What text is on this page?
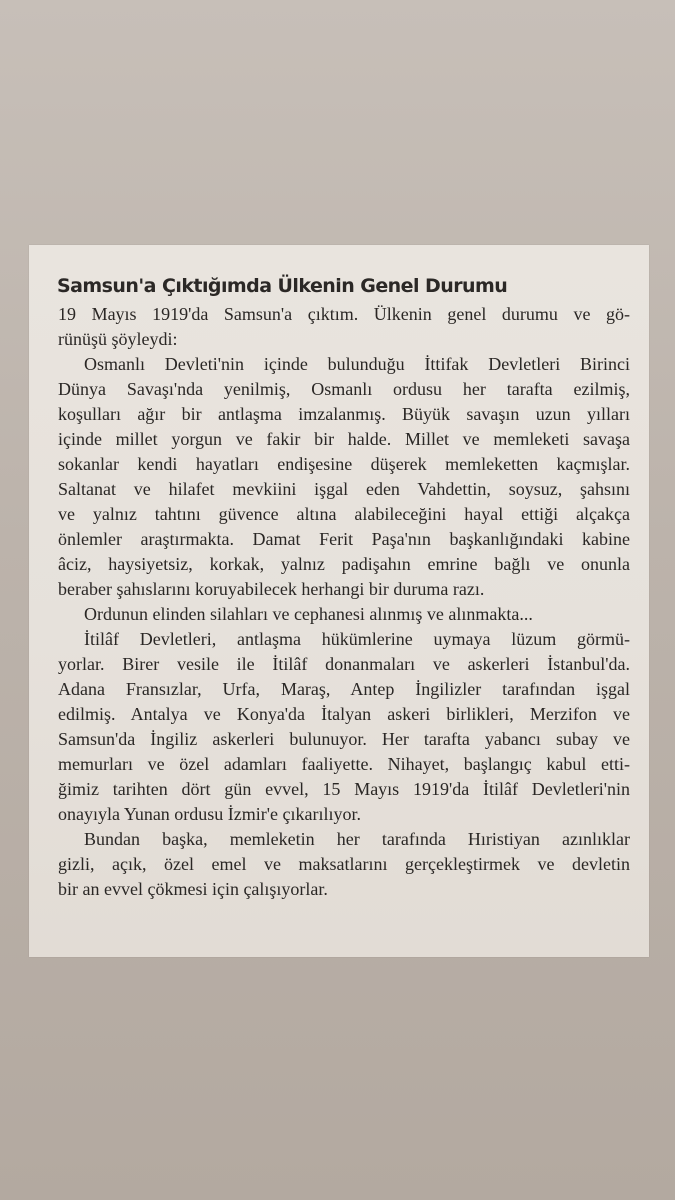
Samsun'a Çıktığımda Ülkenin Genel Durumu
19 Mayıs 1919'da Samsun'a çıktım. Ülkenin genel durumu ve gö-
rünüşü şöyleydi:
Osmanlı Devleti'nin içinde bulunduğu İttifak Devletleri Birinci
Dünya Savaşı'nda yenilmiş, Osmanlı ordusu her tarafta ezilmiş,
koşulları ağır bir antlaşma imzalanmış. Büyük savaşın uzun yılları
içinde millet yorgun ve fakir bir halde. Millet ve memleketi savaşa
sokanlar kendi hayatları endişesine düşerek memleketten kaçmışlar.
Saltanat ve hilafet mevkiini işgal eden Vahdettin, soysuz, şahsını
ve yalnız tahtını güvence altına alabileceğini hayal ettiği alçakça
önlemler araştırmakta. Damat Ferit Paşa'nın başkanlığındaki kabine
âciz, haysiyetsiz, korkak, yalnız padişahın emrine bağlı ve onunla
beraber şahıslarını koruyabilecek herhangi bir duruma razı.
Ordunun elinden silahları ve cephanesi alınmış ve alınmakta...
İtilâf Devletleri, antlaşma hükümlerine uymaya lüzum görmü-
yorlar. Birer vesile ile İtilâf donanmaları ve askerleri İstanbul'da.
Adana Fransızlar, Urfa, Maraş, Antep İngilizler tarafından işgal
edilmiş. Antalya ve Konya'da İtalyan askeri birlikleri, Merzifon ve
Samsun'da İngiliz askerleri bulunuyor. Her tarafta yabancı subay ve
memurları ve özel adamları faaliyette. Nihayet, başlangıç kabul etti-
ğimiz tarihten dört gün evvel, 15 Mayıs 1919'da İtilâf Devletleri'nin
onayıyla Yunan ordusu İzmir'e çıkarılıyor.
Bundan başka, memleketin her tarafında Hıristiyan azınlıklar
gizli, açık, özel emel ve maksatlarını gerçekleştirmek ve devletin
bir an evvel çökmesi için çalışıyorlar.
